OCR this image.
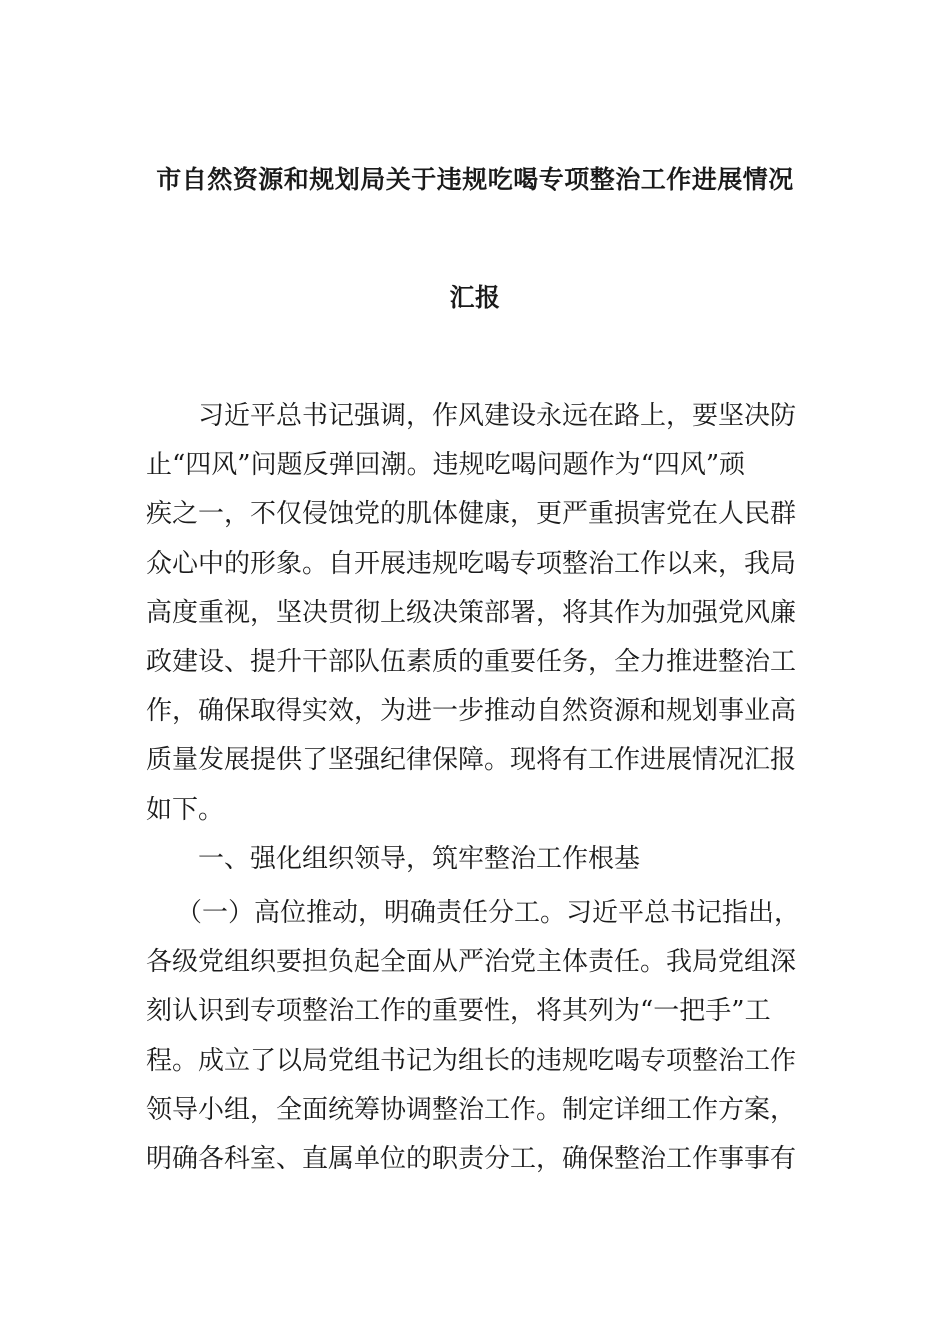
市自然资源和规划局关于违规吃喝专项整治工作进展情况
汇报
习近平总书记强调，作风建设永远在路上，要坚决防
止“四风”问题反弹回潮。违规吃喝问题作为“四风”顽
疾之一，不仅侵蚀党的肌体健康，更严重损害党在人民群
众心中的形象。自开展违规吃喝专项整治工作以来，我局
高度重视，坚决贯彻上级决策部署，将其作为加强党风廉
政建设、提升干部队伍素质的重要任务，全力推进整治工
作，确保取得实效，为进一步推动自然资源和规划事业高
质量发展提供了坚强纪律保障。现将有工作进展情况汇报
如下。
一、强化组织领导，筑牢整治工作根基
（一）高位推动，明确责任分工。习近平总书记指出，
各级党组织要担负起全面从严治党主体责任。我局党组深
刻认识到专项整治工作的重要性，将其列为“一把手”工
程。成立了以局党组书记为组长的违规吃喝专项整治工作
领导小组，全面统筹协调整治工作。制定详细工作方案，
明确各科室、直属单位的职责分工，确保整治工作事事有
